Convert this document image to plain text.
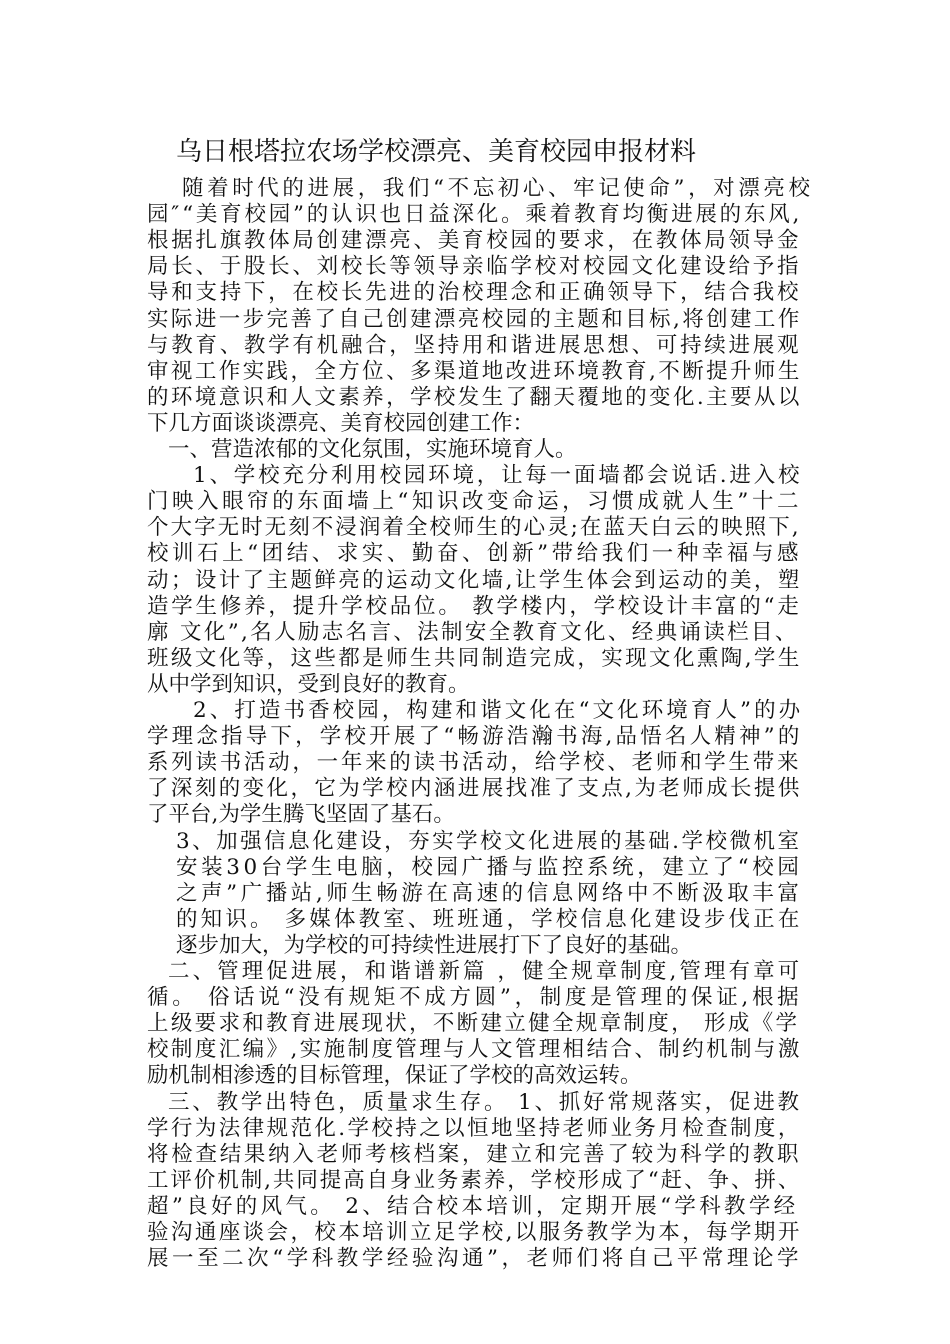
乌日根塔拉农场学校漂亮、美育校园申报材料
随着时代的进展，我们“不忘初心、牢记使命”，对漂亮校
园″“美育校园”的认识也日益深化。乘着教育均衡进展的东风,
根据扎旗教体局创建漂亮、美育校园的要求，在教体局领导金
局长、于股长、刘校长等领导亲临学校对校园文化建设给予指
导和支持下，在校长先进的治校理念和正确领导下，结合我校
实际进一步完善了自己创建漂亮校园的主题和目标,将创建工作
与教育、教学有机融合，坚持用和谐进展思想、可持续进展观
审视工作实践，全方位、多渠道地改进环境教育,不断提升师生
的环境意识和人文素养，学校发生了翻天覆地的变化.主要从以
下几方面谈谈漂亮、美育校园创建工作：
一、营造浓郁的文化氛围，实施环境育人。
1、学校充分利用校园环境，让每一面墙都会说话.进入校
门映入眼帘的东面墙上“知识改变命运，习惯成就人生”十二
个大字无时无刻不浸润着全校师生的心灵;在蓝天白云的映照下,
校训石上“团结、求实、勤奋、创新”带给我们一种幸福与感
动；设计了主题鲜亮的运动文化墙,让学生体会到运动的美，塑
造学生修养，提升学校品位。 教学楼内，学校设计丰富的“走
廓 文化”,名人励志名言、法制安全教育文化、经典诵读栏目、
班级文化等，这些都是师生共同制造完成，实现文化熏陶,学生
从中学到知识，受到良好的教育。
2、打造书香校园，构建和谐文化在“文化环境育人”的办
学理念指导下，学校开展了“畅游浩瀚书海,品悟名人精神”的
系列读书活动，一年来的读书活动，给学校、老师和学生带来
了深刻的变化，它为学校内涵进展找准了支点,为老师成长提供
了平台,为学生腾飞坚固了基石。
3、加强信息化建设，夯实学校文化进展的基础.学校微机室
安装30台学生电脑，校园广播与监控系统，建立了“校园
之声”广播站,师生畅游在高速的信息网络中不断汲取丰富
的知识。 多媒体教室、班班通，学校信息化建设步伐正在
逐步加大，为学校的可持续性进展打下了良好的基础。
二、管理促进展，和谐谱新篇 ，健全规章制度,管理有章可
循。 俗话说“没有规矩不成方圆”，制度是管理的保证,根据
上级要求和教育进展现状，不断建立健全规章制度， 形成《学
校制度汇编》,实施制度管理与人文管理相结合、制约机制与激
励机制相渗透的目标管理，保证了学校的高效运转。
三、教学出特色，质量求生存。 1、抓好常规落实，促进教
学行为法律规范化.学校持之以恒地坚持老师业务月检查制度，
将检查结果纳入老师考核档案，建立和完善了较为科学的教职
工评价机制,共同提高自身业务素养，学校形成了“赶、争、拼、
超”良好的风气。 2、结合校本培训，定期开展“学科教学经
验沟通座谈会，校本培训立足学校,以服务教学为本，每学期开
展一至二次“学科教学经验沟通”，老师们将自己平常理论学
